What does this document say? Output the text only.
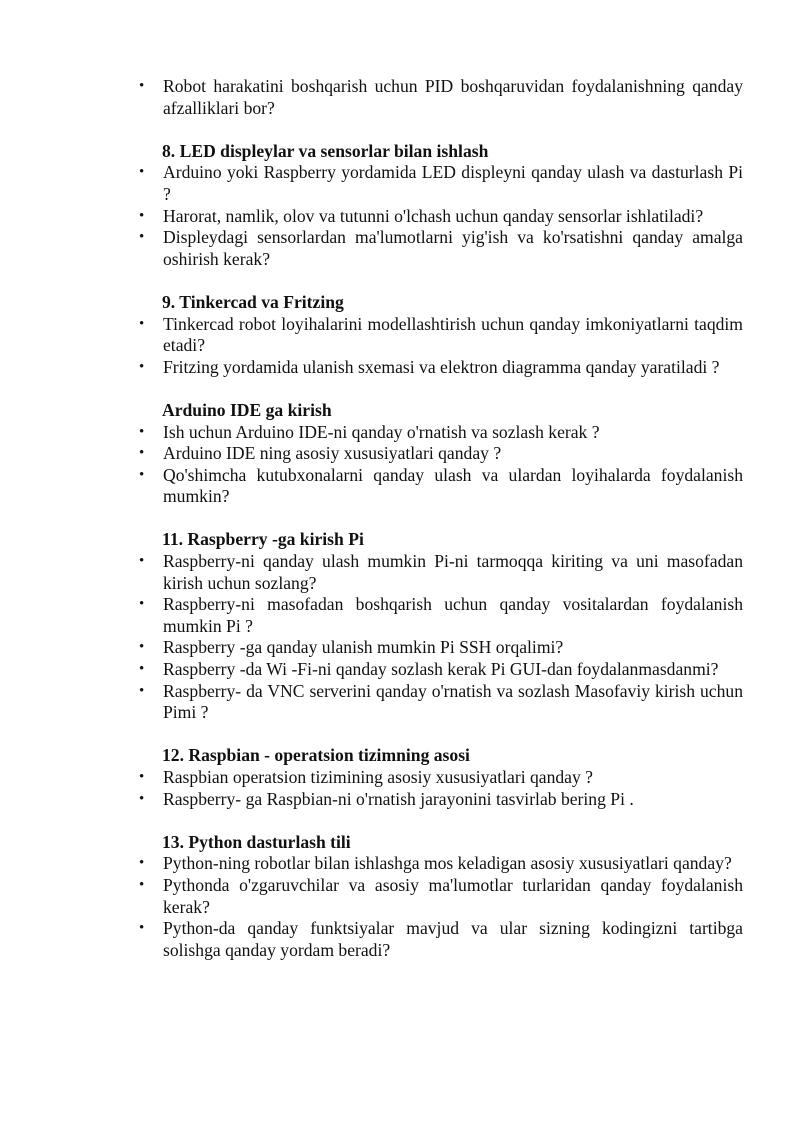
• Robot harakatini boshqarish uchun PID boshqaruvidan foydalanishning qanday afzalliklari bor?
8. LED displeylar va sensorlar bilan ishlash
• Arduino yoki Raspberry yordamida LED displeyni qanday ulash va dasturlash Pi ?
• Harorat, namlik, olov va tutunni o'lchash uchun qanday sensorlar ishlatiladi?
• Displeydagi sensorlardan ma'lumotlarni yig'ish va ko'rsatishni qanday amalga oshirish kerak?
9. Tinkercad va Fritzing
• Tinkercad robot loyihalarini modellashtirish uchun qanday imkoniyatlarni taqdim etadi?
• Fritzing yordamida ulanish sxemasi va elektron diagramma qanday yaratiladi ?
Arduino IDE ga kirish
• Ish uchun Arduino IDE-ni qanday o'rnatish va sozlash kerak ?
• Arduino IDE ning asosiy xususiyatlari qanday ?
• Qo'shimcha kutubxonalarni qanday ulash va ulardan loyihalarda foydalanish mumkin?
11. Raspberry -ga kirish Pi
• Raspberry-ni qanday ulash mumkin Pi-ni tarmoqqa kiriting va uni masofadan kirish uchun sozlang?
• Raspberry-ni masofadan boshqarish uchun qanday vositalardan foydalanish mumkin Pi ?
• Raspberry -ga qanday ulanish mumkin Pi SSH orqalimi?
• Raspberry -da Wi -Fi-ni qanday sozlash kerak Pi GUI-dan foydalanmasdanmi?
• Raspberry- da VNC serverini qanday o'rnatish va sozlash Masofaviy kirish uchun Pimi ?
12. Raspbian - operatsion tizimning asosi
• Raspbian operatsion tizimining asosiy xususiyatlari qanday ?
• Raspberry- ga Raspbian-ni o'rnatish jarayonini tasvirlab bering Pi .
13. Python dasturlash tili
• Python-ning robotlar bilan ishlashga mos keladigan asosiy xususiyatlari qanday?
• Pythonda o'zgaruvchilar va asosiy ma'lumotlar turlaridan qanday foydalanish kerak?
• Python-da qanday funktsiyalar mavjud va ular sizning kodingizni tartibga solishga qanday yordam beradi?
